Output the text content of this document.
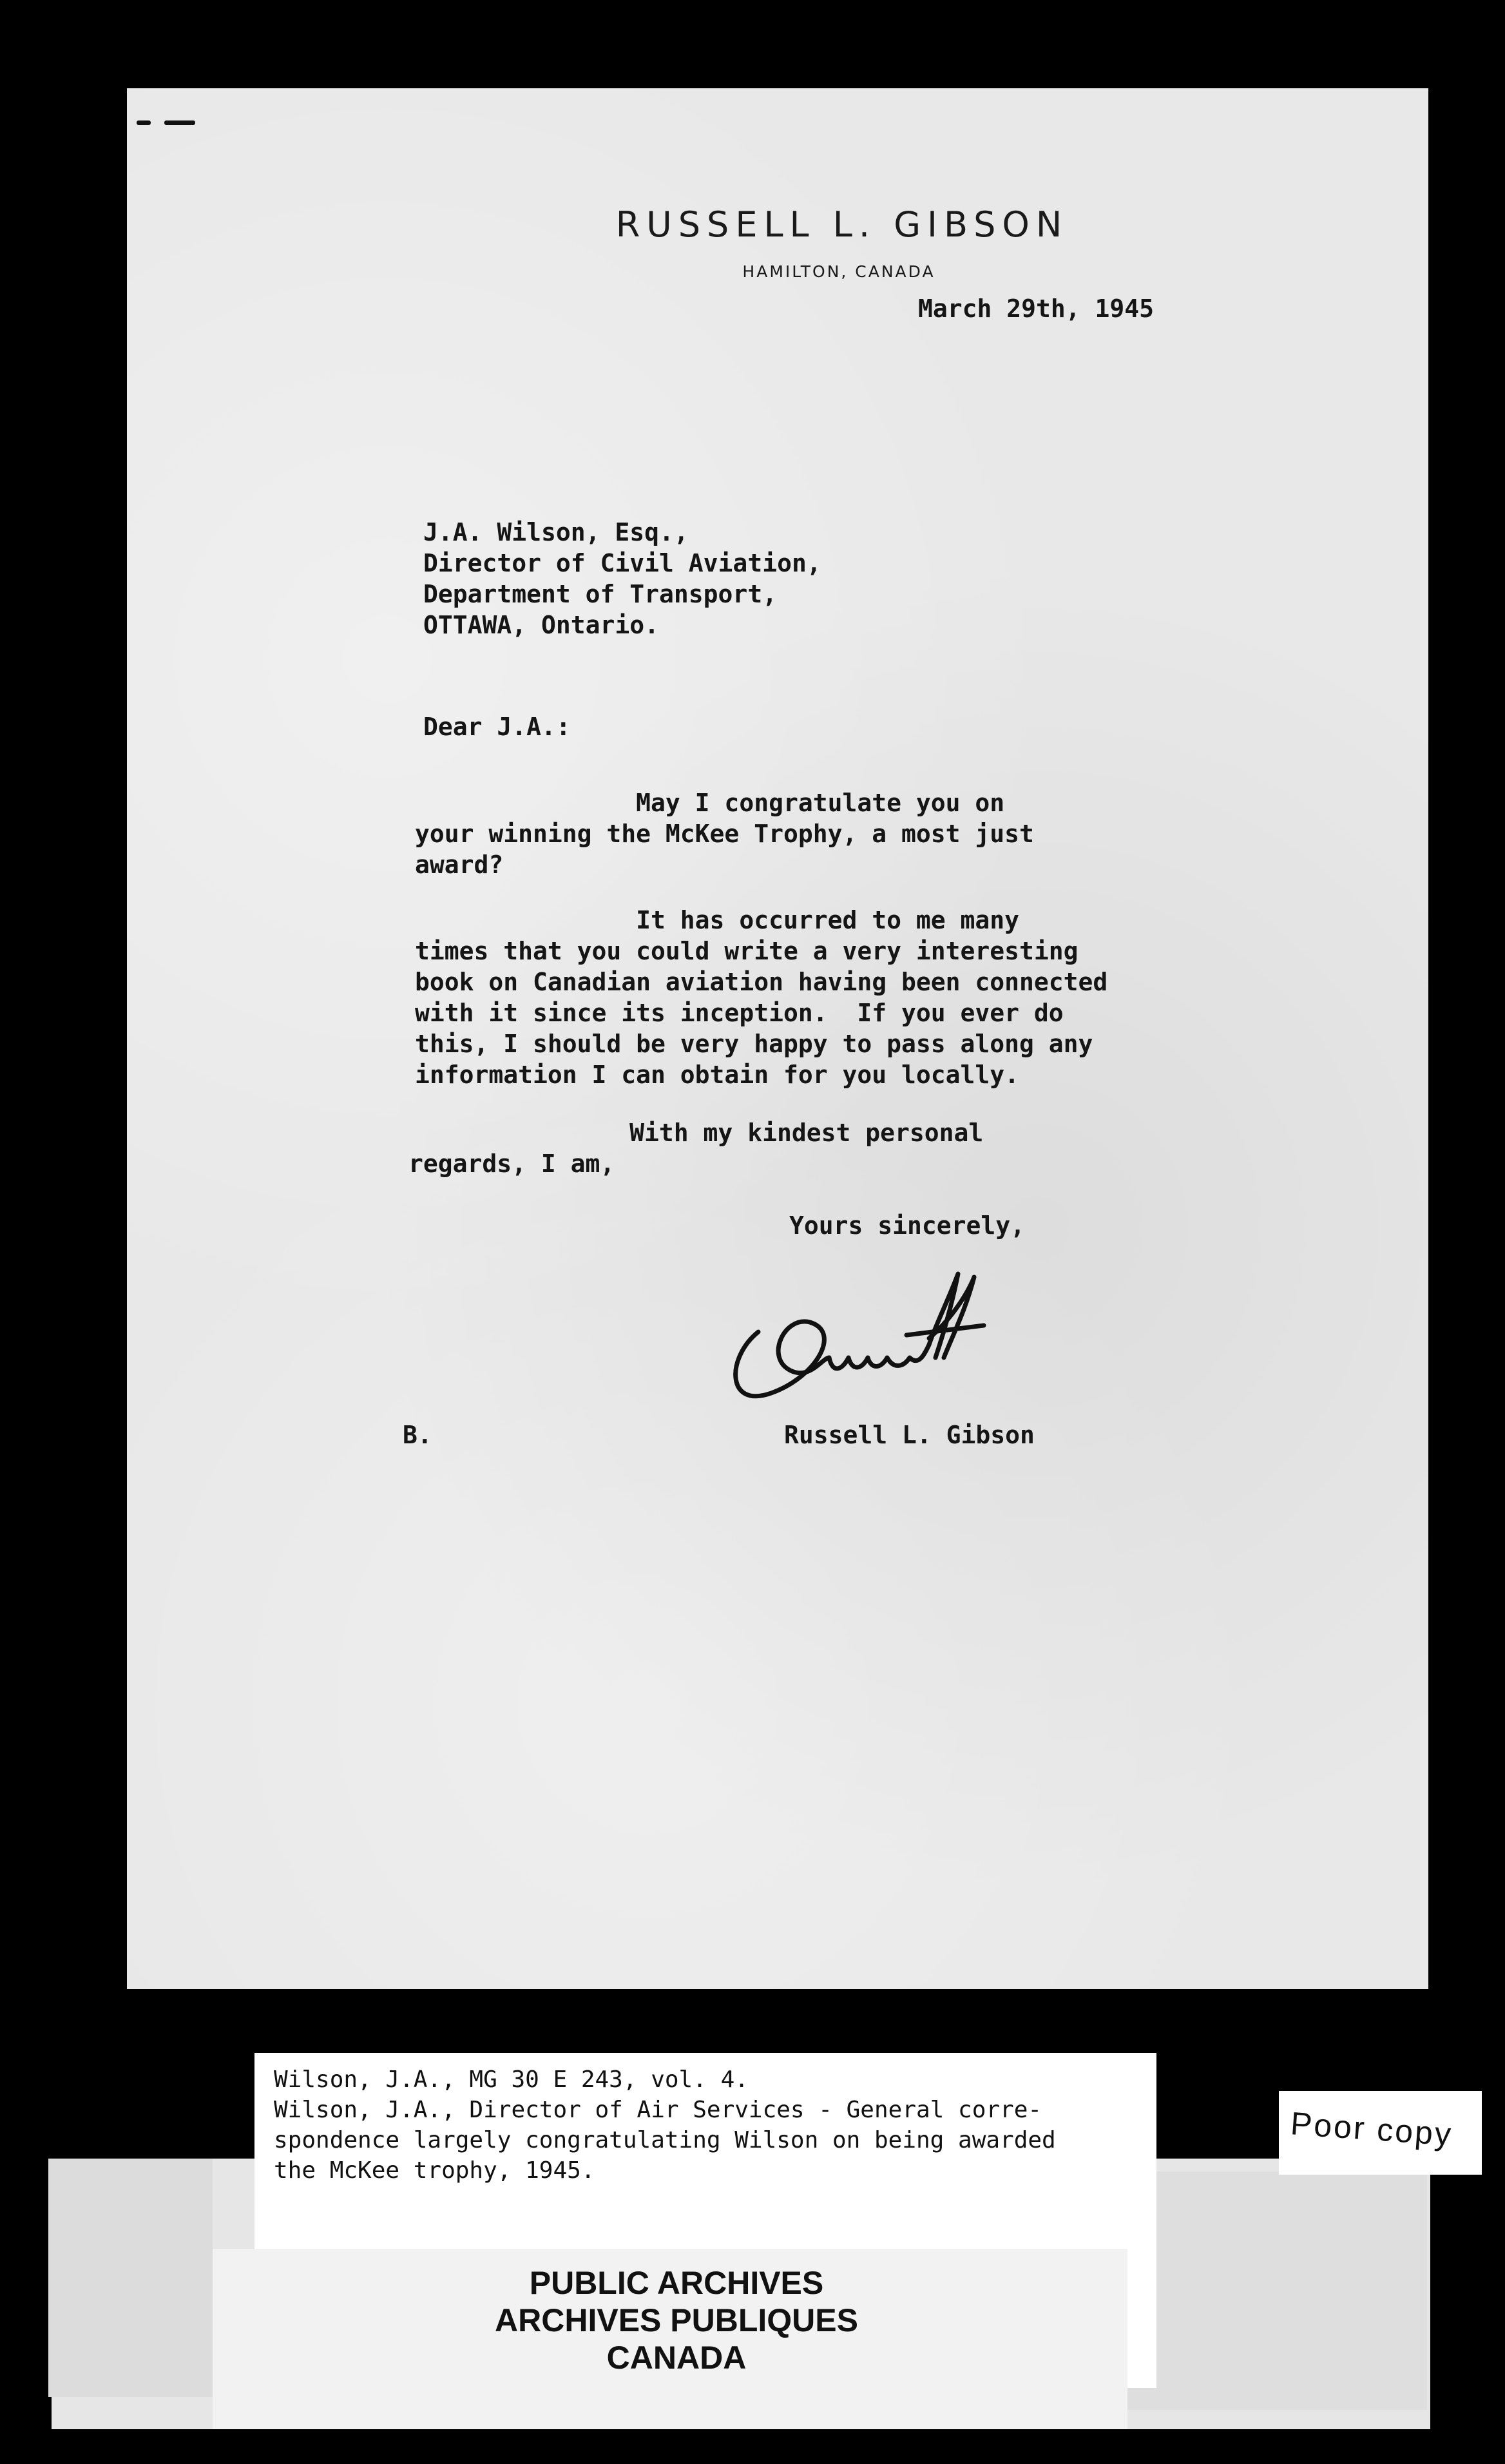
RUSSELL L. GIBSON
HAMILTON, CANADA
March 29th, 1945
J.A. Wilson, Esq.,
Director of Civil Aviation,
Department of Transport,
OTTAWA, Ontario.
Dear J.A.:
May I congratulate you on
your winning the McKee Trophy, a most just
award?
It has occurred to me many
times that you could write a very interesting
book on Canadian aviation having been connected
with it since its inception.  If you ever do
this, I should be very happy to pass along any
information I can obtain for you locally.
With my kindest personal
regards, I am,
Yours sincerely,
B.	Russell L. Gibson
Wilson, J.A., MG 30 E 243, vol. 4.
Wilson, J.A., Director of Air Services - General corre-
spondence largely congratulating Wilson on being awarded
the McKee trophy, 1945.
PUBLIC ARCHIVES
ARCHIVES PUBLIQUES
CANADA
Poor copy
